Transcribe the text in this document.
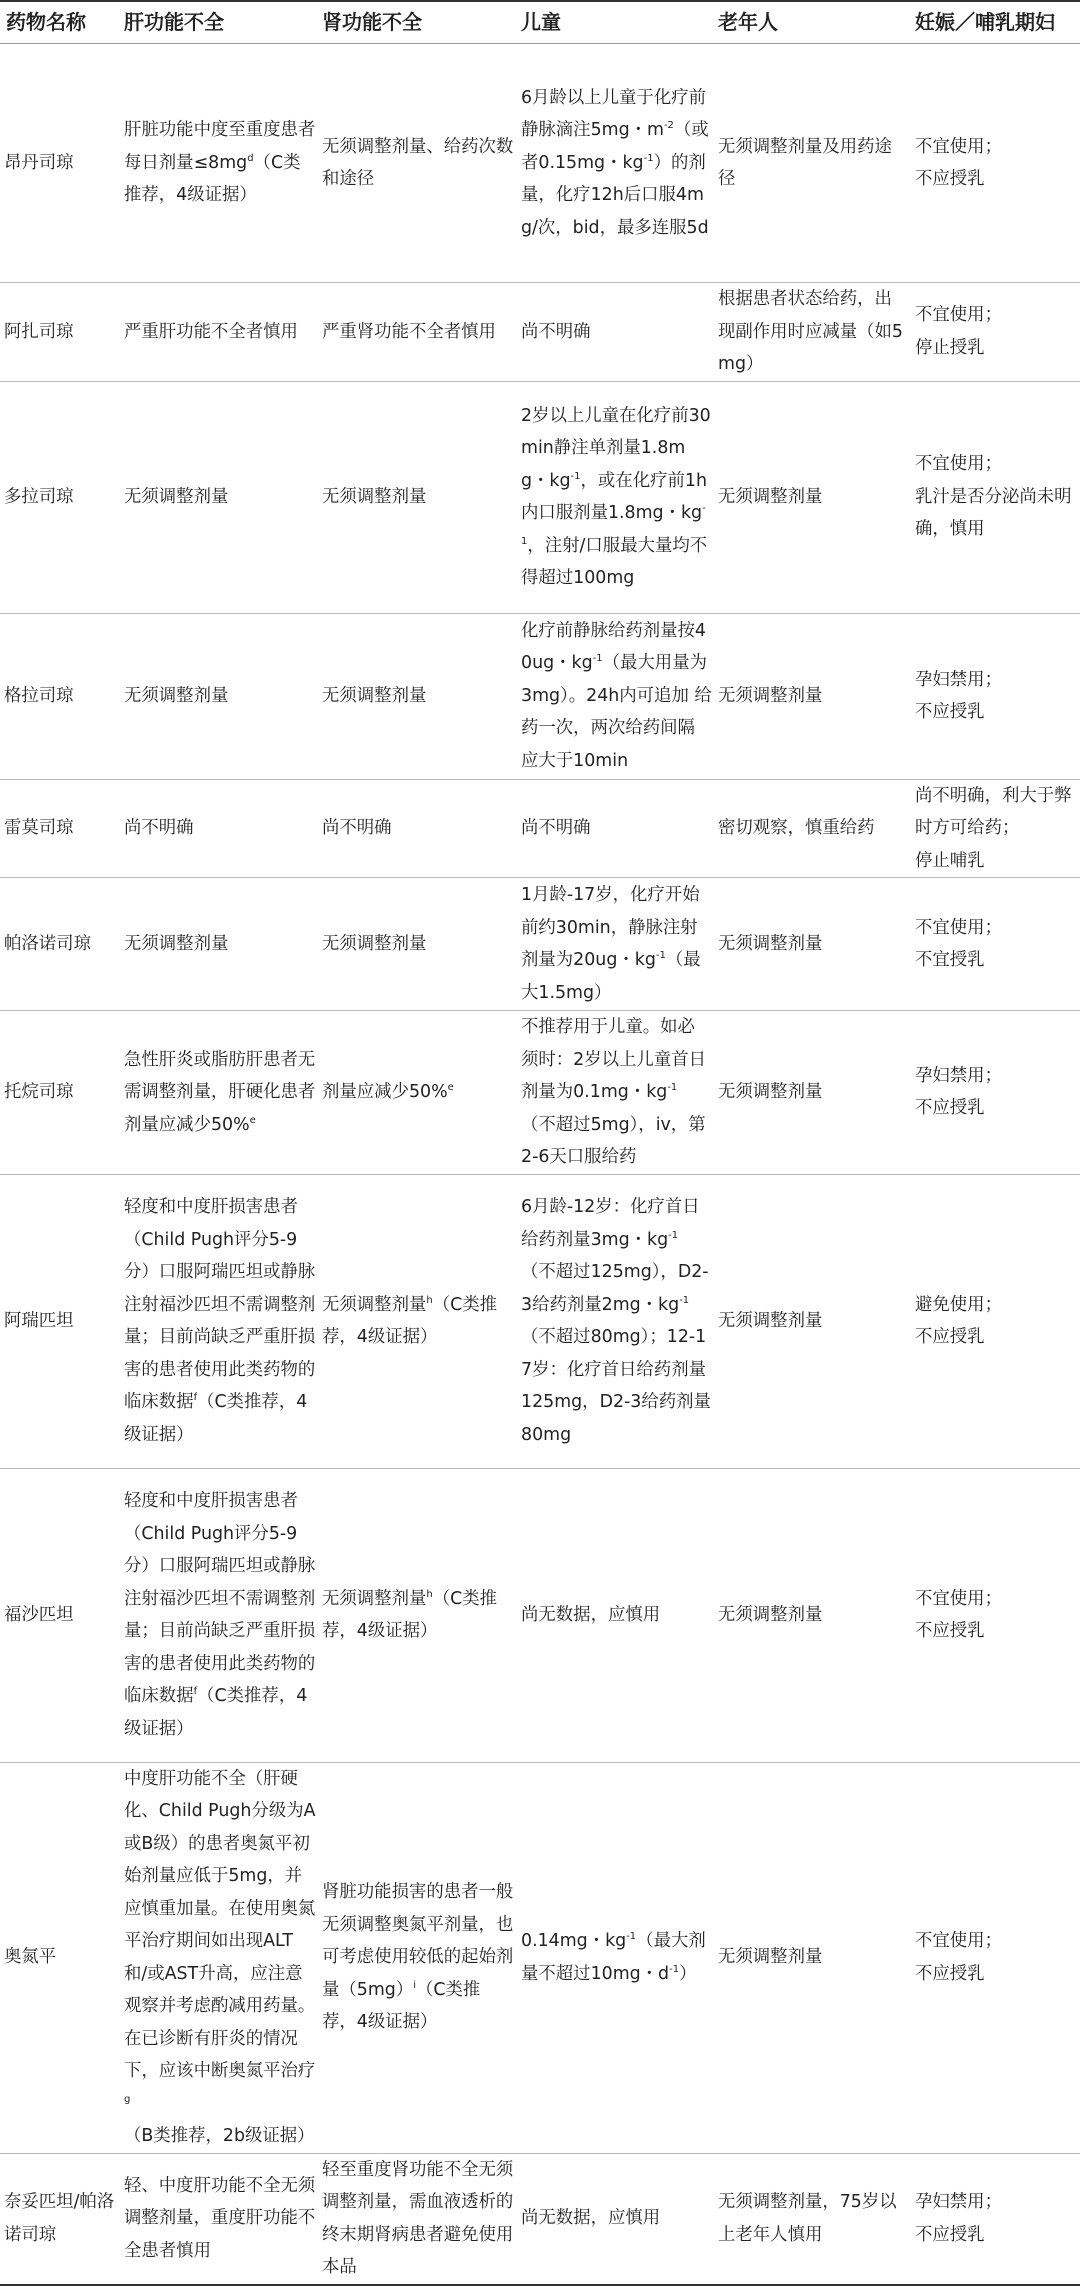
药物名称	肝功能不全	肾功能不全	儿童	老年人	妊娠／哺乳期妇
昂丹司琼	肝脏功能中度至重度患者每日剂量$\le 8mg^d(C$类推荐，4级证据）	无须调整剂量、给药次数和途径	6月龄以上儿童于化疗前静脉滴注5mg・$m^{-2}$（或者0.15mg・$kg^{-1}$）的剂量，化疗12h后口服4mg/次，bid，最多连服5d	无须调整剂量及用药途径	不宜使用；
不应授乳

阿扎司琼	严重肝功能不全者慎用	严重肾功能不全者慎用	尚不明确	根据患者状态给药，出现副作用时应减量（如5mg）	不宜使用；
停止授乳

多拉司琼	无须调整剂量	无须调整剂量	2岁以上儿童在化疗前30min静注单剂量1.8mg・$kg^{-1}$，或在化疗前1h内口服剂量1.8mg・$kg^{-1}$，注射/口服最大量均不得超过100mg	无须调整剂量	不宜使用；
乳汁是否分泌尚未明确，慎用

格拉司琼	无须调整剂量	无须调整剂量	化疗前静脉给药剂量按40ug・$kg^{-1}$（最大用量为3mg）。24h内可追加 给药一次，两次给药间隔应大于10min	无须调整剂量	孕妇禁用；
不应授乳

雷莫司琼	尚不明确	尚不明确	尚不明确	密切观察，慎重给药	尚不明确，利大于弊时方可给药；
停止哺乳

帕洛诺司琼	无须调整剂量	无须调整剂量	1月龄-17岁，化疗开始前约30min，静脉注射剂量为20ug・$kg^{-1}$（最大1.5mg）	无须调整剂量	不宜使用；
不宜授乳

托烷司琼	急性肝炎或脂肪肝患者无需调整剂量，肝硬化患者剂量应减少50%$^e$	剂量应减少50%$^e$	不推荐用于儿童。如必须时：2岁以上儿童首日剂量为0.1mg・$kg^{-1}$（不超过5mg），iv，第2-6天口服给药	无须调整剂量	孕妇禁用；
不应授乳

阿瑞匹坦	轻度和中度肝损害患者（Child Pugh评分5-9分）口服阿瑞匹坦或静脉注射福沙匹坦不需调整剂量；目前尚缺乏严重肝损害的患者使用此类药物的临床数据$^f$（C类推荐，4级证据）	无须调整剂量$^h$（C类推荐，4级证据）	6月龄-12岁：化疗首日给药剂量3mg・$kg^{-1}$（不超过125mg），D2-3给药剂量2mg・$kg^{-1}$（不超过80mg）；12-17岁：化疗首日给药剂量125mg，D2-3给药剂量80mg	无须调整剂量	避免使用；
不应授乳

福沙匹坦	轻度和中度肝损害患者（Child Pugh评分5-9分）口服阿瑞匹坦或静脉注射福沙匹坦不需调整剂量；目前尚缺乏严重肝损害的患者使用此类药物的临床数据$^f$（C类推荐，4级证据）	无须调整剂量$^h$（C类推荐，4级证据）	尚无数据，应慎用	无须调整剂量	不宜使用；
不应授乳

奥氮平	中度肝功能不全（肝硬化、Child Pugh分级为A或B级）的患者奥氮平初始剂量应低于5mg，并应慎重加量。在使用奥氮平治疗期间如出现ALT和/或AST升高，应注意观察并考虑酌减用药量。在已诊断有肝炎的情况下，应该中断奥氮平治疗$^g$（B类推荐，2b级证据）	肾脏功能损害的患者一般无须调整奥氮平剂量，也可考虑使用较低的起始剂量$(5mg)^i(C$类推荐，4级证据）	0.14mg・$kg^{-1}$（最大剂量不超过10mg・$d^{-1}$）	无须调整剂量	不宜使用；
不应授乳

奈妥匹坦/帕洛诺司琼	轻、中度肝功能不全无须调整剂量，重度肝功能不全患者慎用	轻至重度肾功能不全无须调整剂量，需血液透析的终末期肾病患者避免使用本品	尚无数据，应慎用	无须调整剂量，75岁以上老年人慎用	孕妇禁用；
不应授乳
